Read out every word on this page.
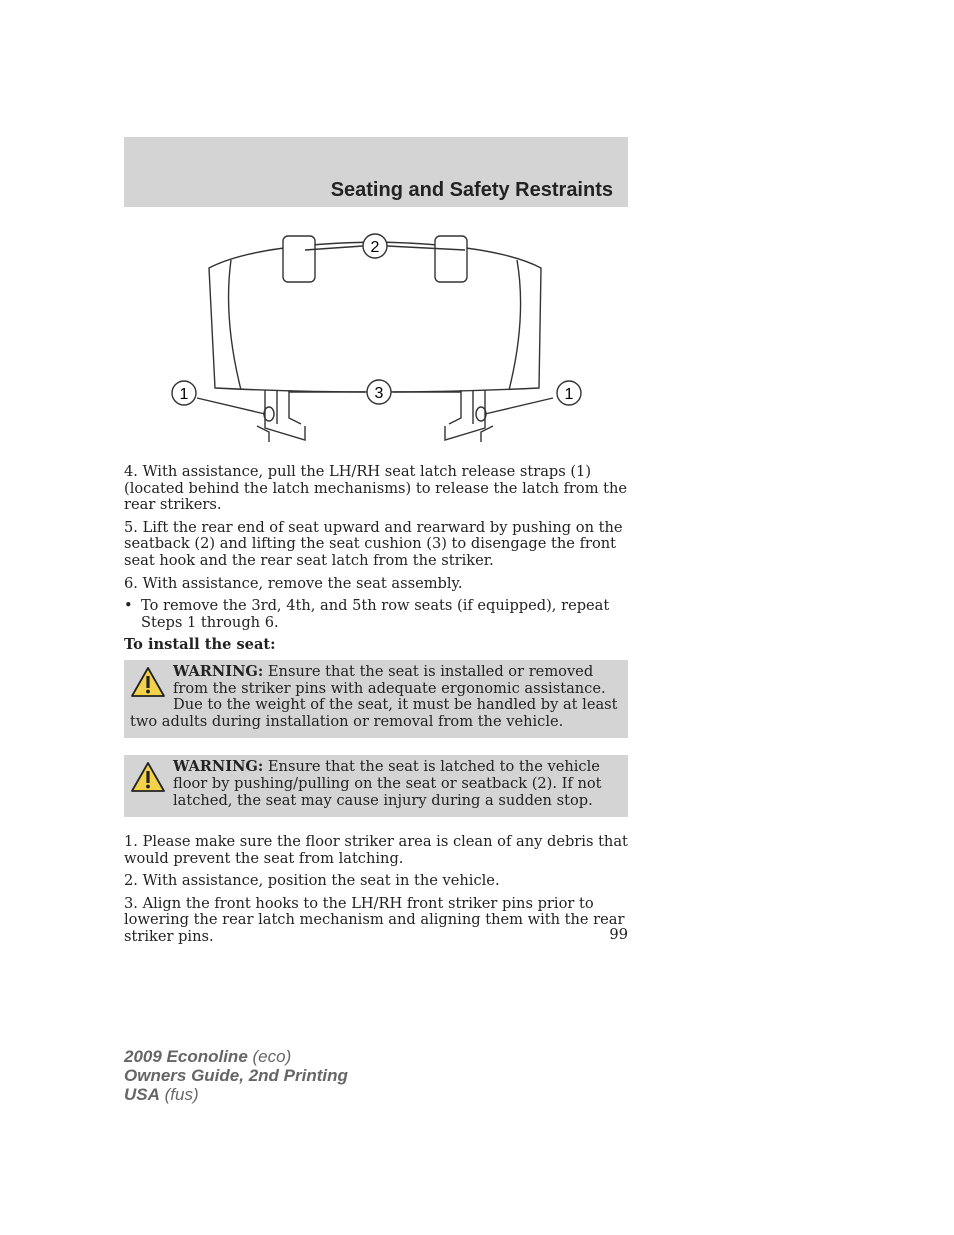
Seating and Safety Restraints
1
2
3	1

4. With assistance, pull the LH/RH seat latch release straps (1) (located behind the latch mechanisms) to release the latch from the rear strikers.

5. Lift the rear end of seat upward and rearward by pushing on the seatback (2) and lifting the seat cushion (3) to disengage the front seat hook and the rear seat latch from the striker.

6. With assistance, remove the seat assembly.

• To remove the 3rd, 4th, and 5th row seats (if equipped), repeat Steps 1 through 6.

To install the seat:

WARNING: Ensure that the seat is installed or removed from the striker pins with adequate ergonomic assistance. Due to the weight of the seat, it must be handled by at least two adults during installation or removal from the vehicle.
WARNING: Ensure that the seat is latched to the vehicle floor by pushing/pulling on the seat or seatback (2). If not latched, the seat may cause injury during a sudden stop.

1. Please make sure the floor striker area is clean of any debris that would prevent the seat from latching.

2. With assistance, position the seat in the vehicle.

3. Align the front hooks to the LH/RH front striker pins prior to lowering the rear latch mechanism and aligning them with the rear striker pins.	99
2009 Econoline (eco)
Owners Guide, 2nd Printing
USA (fus)
